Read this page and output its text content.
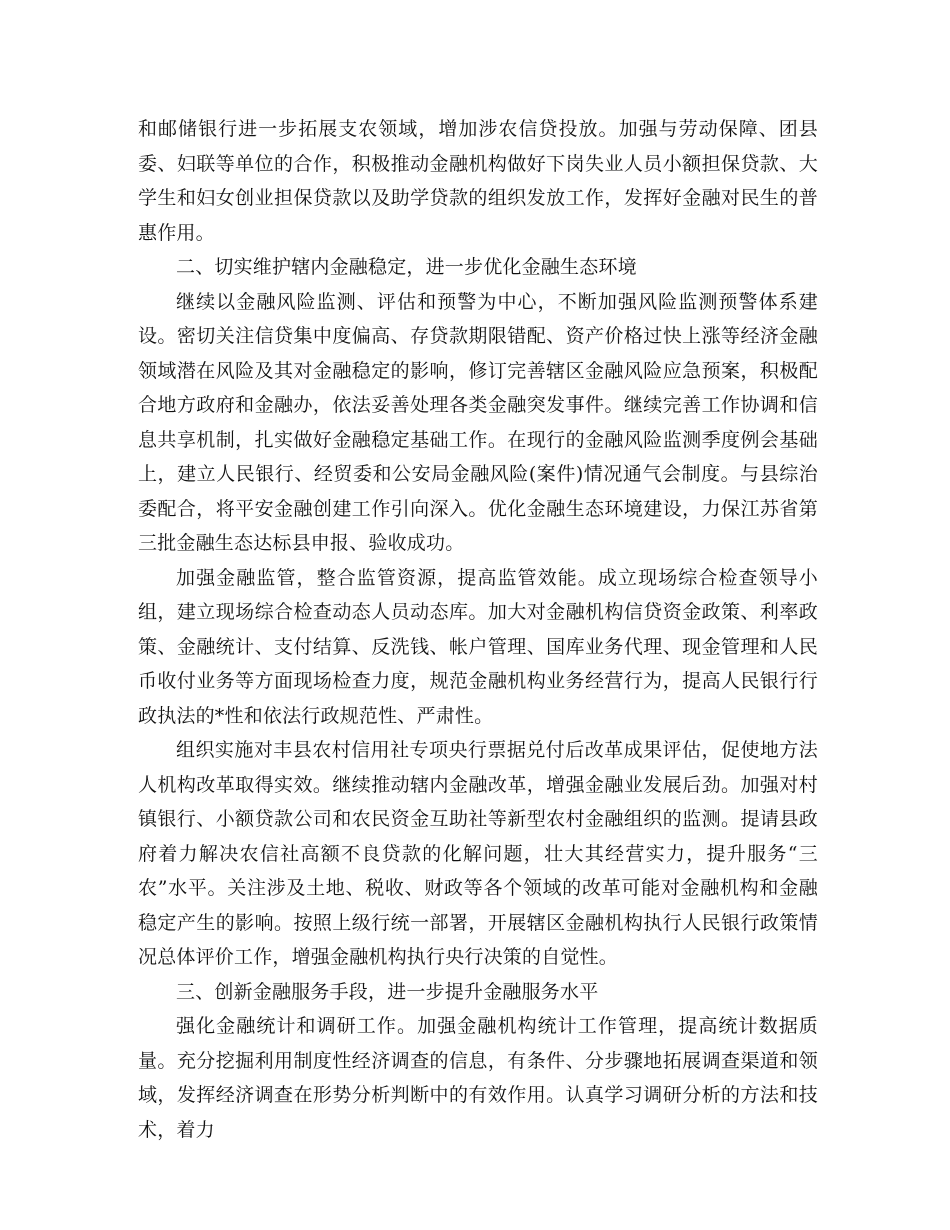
和邮储银行进一步拓展支农领域，增加涉农信贷投放。加强与劳动保障、团县委、妇联等单位的合作，积极推动金融机构做好下岗失业人员小额担保贷款、大学生和妇女创业担保贷款以及助学贷款的组织发放工作，发挥好金融对民生的普惠作用。

二、切实维护辖内金融稳定，进一步优化金融生态环境

继续以金融风险监测、评估和预警为中心，不断加强风险监测预警体系建设。密切关注信贷集中度偏高、存贷款期限错配、资产价格过快上涨等经济金融领域潜在风险及其对金融稳定的影响，修订完善辖区金融风险应急预案，积极配合地方政府和金融办，依法妥善处理各类金融突发事件。继续完善工作协调和信息共享机制，扎实做好金融稳定基础工作。在现行的金融风险监测季度例会基础上，建立人民银行、经贸委和公安局金融风险(案件)情况通气会制度。与县综治委配合，将平安金融创建工作引向深入。优化金融生态环境建设，力保江苏省第三批金融生态达标县申报、验收成功。

加强金融监管，整合监管资源，提高监管效能。成立现场综合检查领导小组，建立现场综合检查动态人员动态库。加大对金融机构信贷资金政策、利率政策、金融统计、支付结算、反洗钱、帐户管理、国库业务代理、现金管理和人民币收付业务等方面现场检查力度，规范金融机构业务经营行为，提高人民银行行政执法的*性和依法行政规范性、严肃性。

组织实施对丰县农村信用社专项央行票据兑付后改革成果评估，促使地方法人机构改革取得实效。继续推动辖内金融改革，增强金融业发展后劲。加强对村镇银行、小额贷款公司和农民资金互助社等新型农村金融组织的监测。提请县政府着力解决农信社高额不良贷款的化解问题，壮大其经营实力，提升服务“三农”水平。关注涉及土地、税收、财政等各个领域的改革可能对金融机构和金融稳定产生的影响。按照上级行统一部署，开展辖区金融机构执行人民银行政策情况总体评价工作，增强金融机构执行央行决策的自觉性。

三、创新金融服务手段，进一步提升金融服务水平

强化金融统计和调研工作。加强金融机构统计工作管理，提高统计数据质量。充分挖掘利用制度性经济调查的信息，有条件、分步骤地拓展调查渠道和领域，发挥经济调查在形势分析判断中的有效作用。认真学习调研分析的方法和技术，着力
